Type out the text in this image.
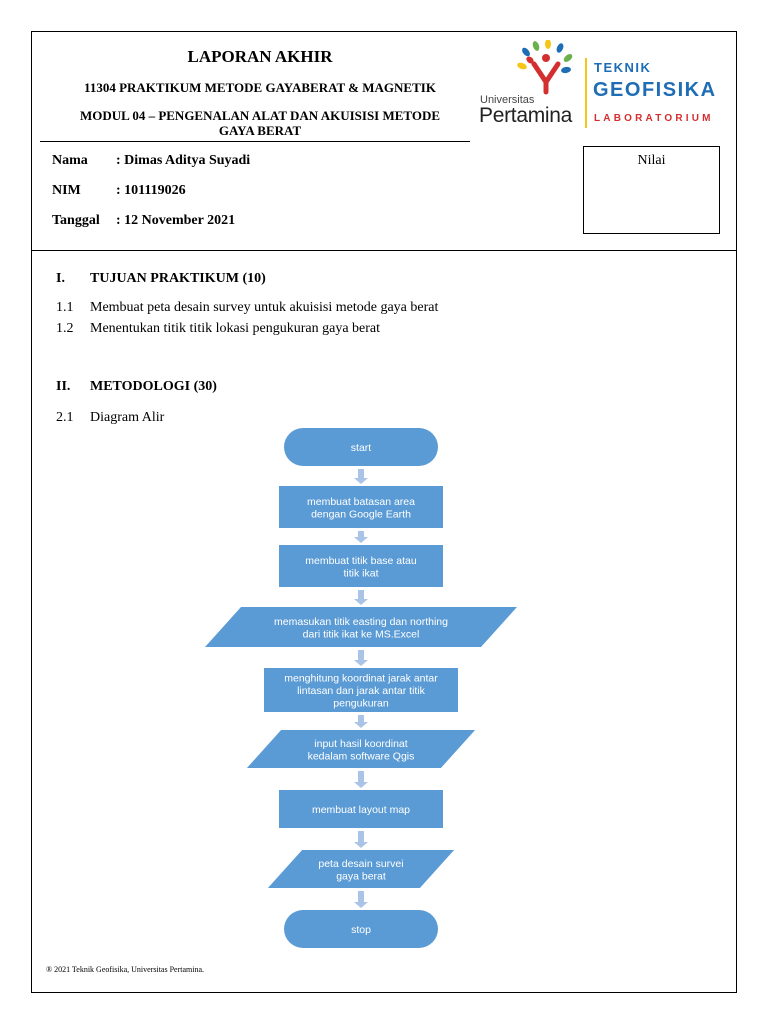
LAPORAN AKHIR
11304 PRAKTIKUM METODE GAYABERAT & MAGNETIK
MODUL 04 – PENGENALAN ALAT DAN AKUISISI METODE
GAYA BERAT
Universitas
Pertamina
TEKNIK
GEOFISIKA
LABORATORIUM
Nama : Dimas Aditya Suyadi
NIM	: 101119026
Tanggal : 12 November 2021
Nilai
I. TUJUAN PRAKTIKUM (10)
1.1 Membuat peta desain survey untuk akuisisi metode gaya berat
1.2 Menentukan titik titik lokasi pengukuran gaya berat
II. METODOLOGI (30)
2.1 Diagram Alir
start
membuat batasan area
dengan Google Earth
membuat titik base atau
titik ikat
memasukan titik easting dan northing
dari titik ikat ke MS.Excel
menghitung koordinat jarak antar
lintasan dan jarak antar titik
pengukuran
input hasil koordinat
kedalam software Qgis
membuat layout map
peta desain survei
gaya berat
stop
® 2021 Teknik Geofisika, Universitas Pertamina.
